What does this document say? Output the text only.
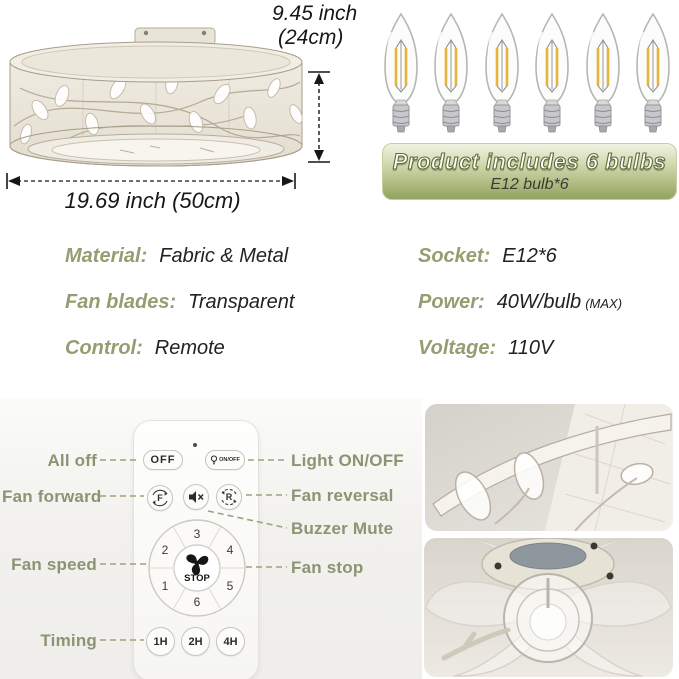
9.45 inch
(24cm)
19.69 inch (50cm)
Product includes 6 bulbs
E12 bulb*6
Material: Fabric & Metal
Fan blades: Transparent
Control: Remote
Socket: E12*6
Power: 40W/bulb (MAX)
Voltage: 110V
OFF	ON/OFF
F	R
STOP
3
2	4
1	5
6
1H 2H 4H
All off
Fan forward
Fan speed
Timing
Light ON/OFF
Fan reversal
Buzzer Mute
Fan stop
